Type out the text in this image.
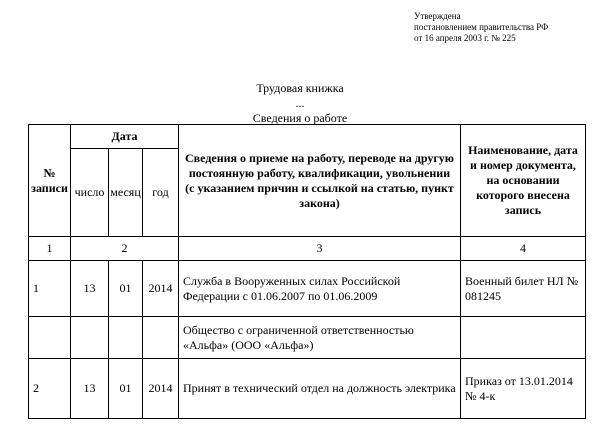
Утверждена
постановлением правительства РФ
от 16 апреля 2003 г. № 225
Трудовая книжка
...
Сведения о работе
№ записи	Дата			Сведения о приеме на работу, переводе на другую постоянную работу, квалификации, увольнении (с указанием причин и ссылкой на статью, пункт закона)	Наименование, дата и номер документа, на основании которого внесена запись
	число	месяц	год		
1	2			3	4
1	13	01	2014	Служба в Вооруженных силах Российской Федерации с 01.06.2007 по 01.06.2009	Военный билет НЛ № 081245
				Общество с ограниченной ответственностью «Альфа» (ООО «Альфа»)	
2	13	01	2014	Принят в технический отдел на должность электрика	Приказ от 13.01.2014 № 4-к
